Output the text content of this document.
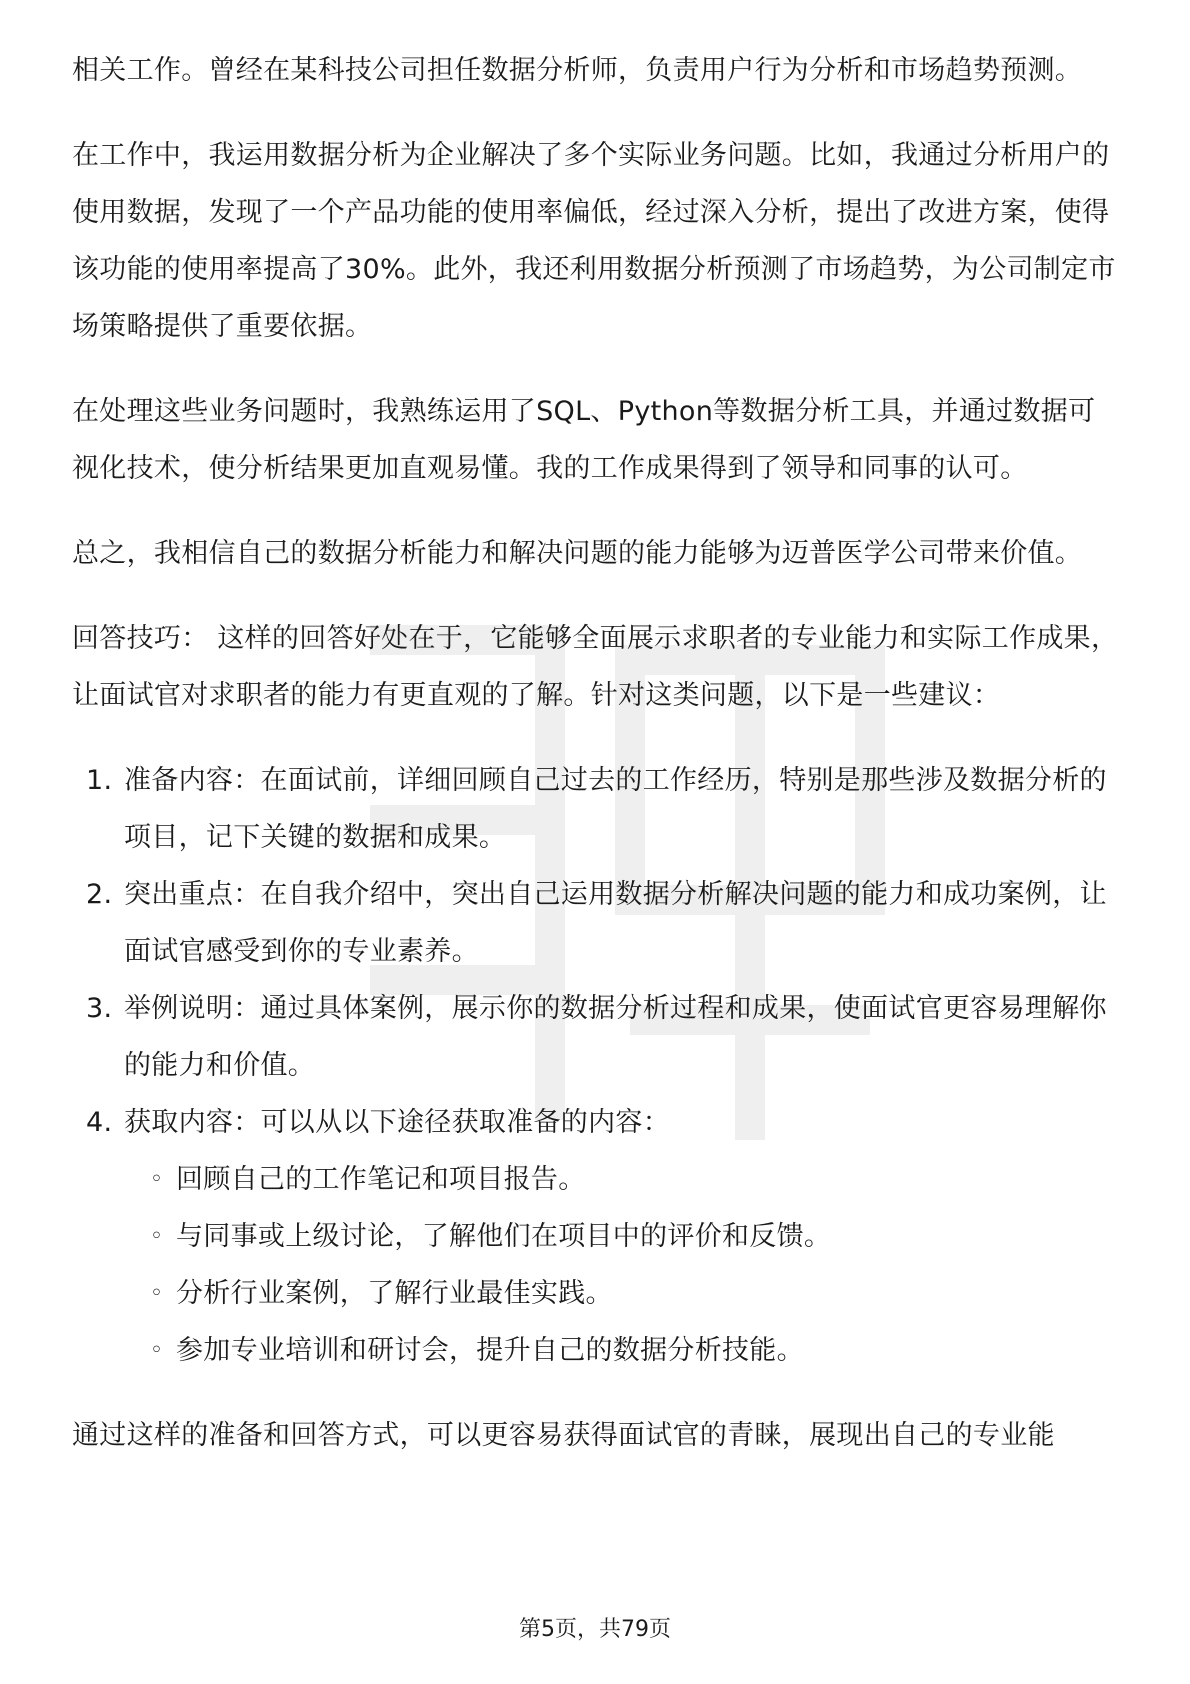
相关工作。曾经在某科技公司担任数据分析师，负责用户行为分析和市场趋势预测。

在工作中，我运用数据分析为企业解决了多个实际业务问题。比如，我通过分析用户的使用数据，发现了一个产品功能的使用率偏低，经过深入分析，提出了改进方案，使得该功能的使用率提高了30%。此外，我还利用数据分析预测了市场趋势，为公司制定市场策略提供了重要依据。

在处理这些业务问题时，我熟练运用了SQL、Python等数据分析工具，并通过数据可视化技术，使分析结果更加直观易懂。我的工作成果得到了领导和同事的认可。

总之，我相信自己的数据分析能力和解决问题的能力能够为迈普医学公司带来价值。

回答技巧： 这样的回答好处在于，它能够全面展示求职者的专业能力和实际工作成果，让面试官对求职者的能力有更直观的了解。针对这类问题，以下是一些建议：

1. 准备内容：在面试前，详细回顾自己过去的工作经历，特别是那些涉及数据分析的项目，记下关键的数据和成果。
2. 突出重点：在自我介绍中，突出自己运用数据分析解决问题的能力和成功案例，让面试官感受到你的专业素养。
3. 举例说明：通过具体案例，展示你的数据分析过程和成果，使面试官更容易理解你的能力和价值。
4. 获取内容：可以从以下途径获取准备的内容：
◦ 回顾自己的工作笔记和项目报告。
◦ 与同事或上级讨论，了解他们在项目中的评价和反馈。
◦ 分析行业案例，了解行业最佳实践。
◦ 参加专业培训和研讨会，提升自己的数据分析技能。

通过这样的准备和回答方式，可以更容易获得面试官的青睐，展现出自己的专业能

第5页，共79页
